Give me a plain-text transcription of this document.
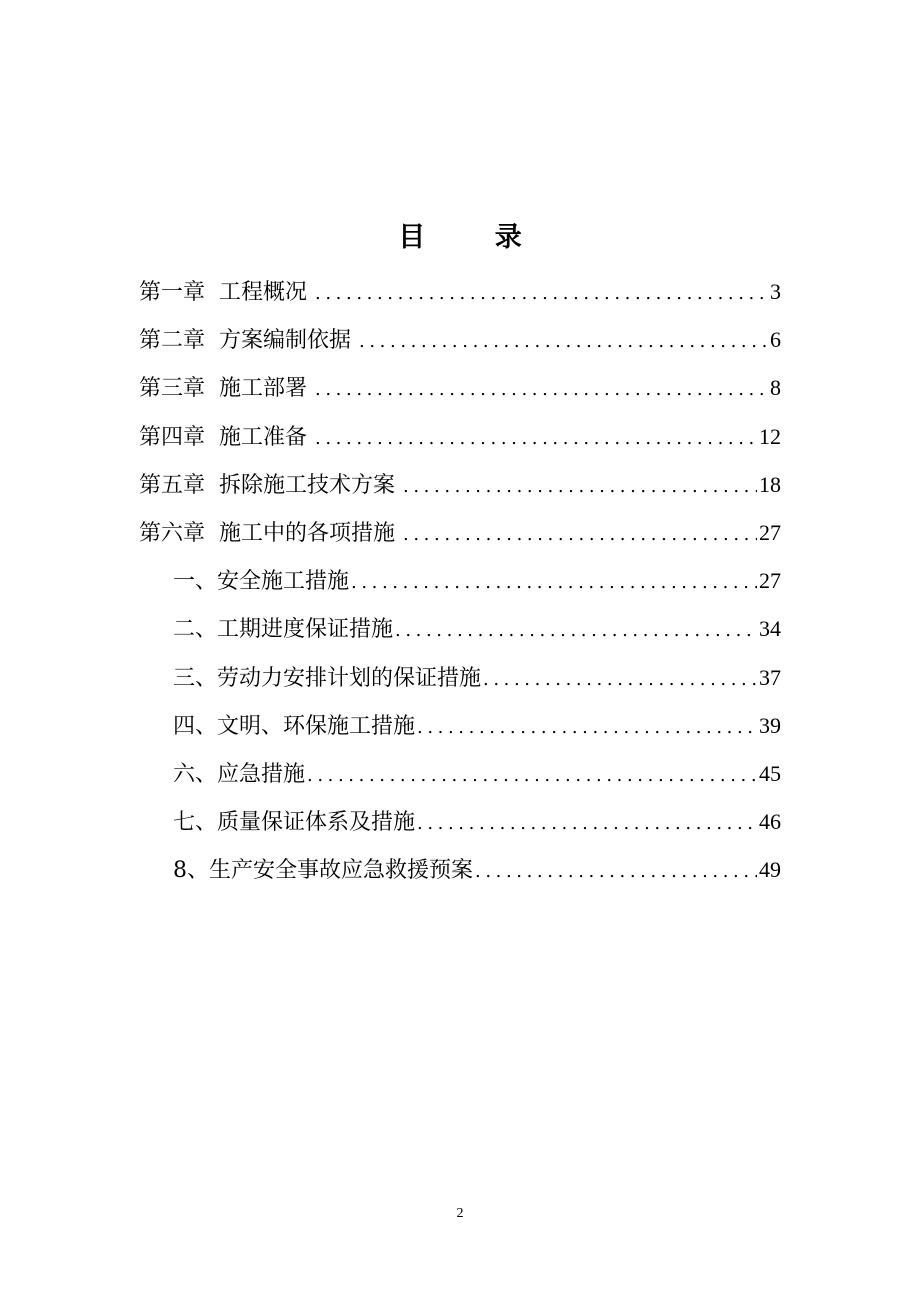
目 录
第一章 工程概况 .....	3
第二章 方案编制依据 .....	6
第三章 施工部署 .....	8
第四章 施工准备 .....	12
第五章 拆除施工技术方案 .....	18
第六章 施工中的各项措施 .....	27
一、安全施工措施 .....	27
二、工期进度保证措施 .....	34
三、劳动力安排计划的保证措施 .....	37
四、文明、环保施工措施 .....	39
六、应急措施 .....	45
七、质量保证体系及措施 .....	46
8、生产安全事故应急救援预案 .....	49
2
